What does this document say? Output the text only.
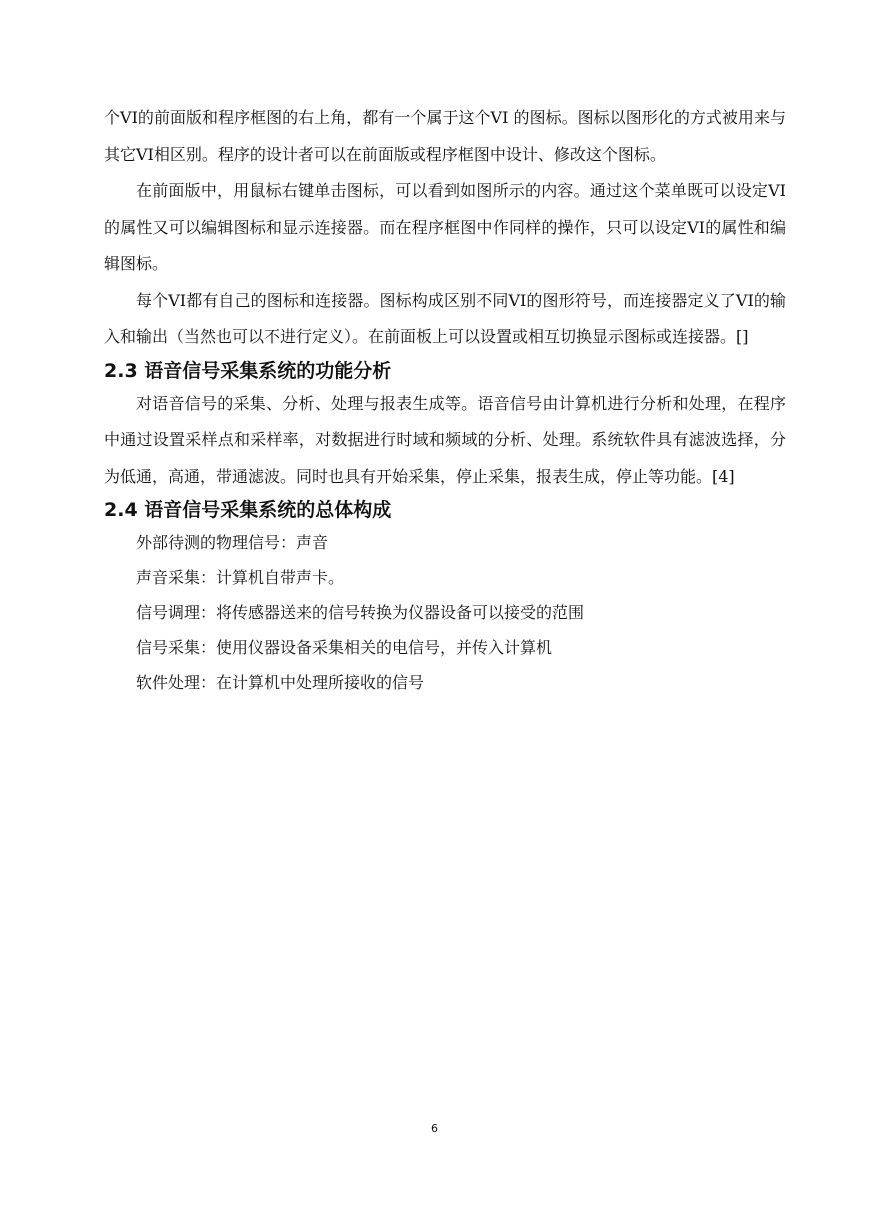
个VI的前面版和程序框图的右上角，都有一个属于这个VI 的图标。图标以图形化的方式被用来与其它VI相区别。程序的设计者可以在前面版或程序框图中设计、修改这个图标。

在前面版中，用鼠标右键单击图标，可以看到如图所示的内容。通过这个菜单既可以设定VI的属性又可以编辑图标和显示连接器。而在程序框图中作同样的操作，只可以设定VI的属性和编辑图标。

每个VI都有自己的图标和连接器。图标构成区别不同VI的图形符号，而连接器定义了VI的输入和输出（当然也可以不进行定义）。在前面板上可以设置或相互切换显示图标或连接器。[]

2.3 语音信号采集系统的功能分析

对语音信号的采集、分析、处理与报表生成等。语音信号由计算机进行分析和处理，在程序中通过设置采样点和采样率，对数据进行时域和频域的分析、处理。系统软件具有滤波选择，分为低通，高通，带通滤波。同时也具有开始采集，停止采集，报表生成，停止等功能。[4]

2.4 语音信号采集系统的总体构成
外部待测的物理信号：声音
声音采集：计算机自带声卡。
信号调理：将传感器送来的信号转换为仪器设备可以接受的范围
信号采集：使用仪器设备采集相关的电信号，并传入计算机
软件处理：在计算机中处理所接收的信号
6
